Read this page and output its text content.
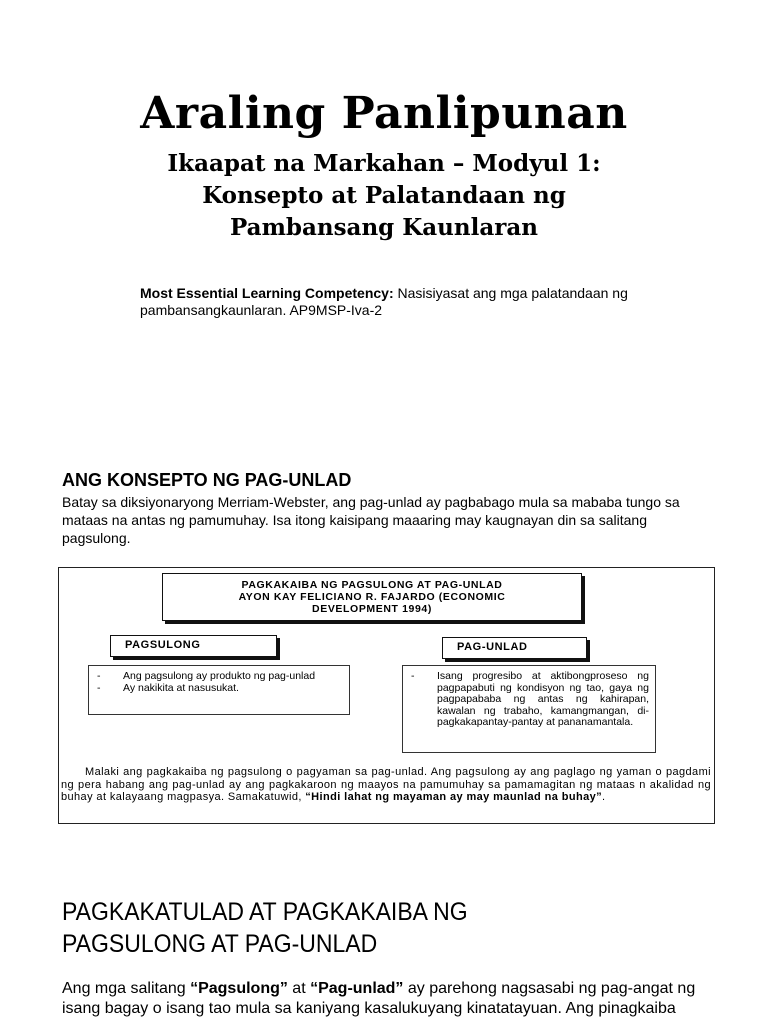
Araling Panlipunan
Ikaapat na Markahan – Modyul 1:
Konsepto at Palatandaan ng
Pambansang Kaunlaran
Most Essential Learning Competency: Nasisiyasat ang mga palatandaan ng pambansangkaunlaran. AP9MSP-Iva-2
ANG KONSEPTO NG PAG-UNLAD
Batay sa diksiyonaryong Merriam-Webster, ang pag-unlad ay pagbabago mula sa mababa tungo sa mataas na antas ng pamumuhay. Isa itong kaisipang maaaring may kaugnayan din sa salitang pagsulong.
PAGKAKAIBA NG PAGSULONG AT PAG-UNLAD
AYON KAY FELICIANO R. FAJARDO (ECONOMIC
DEVELOPMENT 1994)
PAGSULONG	PAG-UNLAD
-	Ang pagsulong ay produkto ng pag-unlad
-	Ay nakikita at nasusukat.
-	Isang progresibo at aktibongproseso ng pagpapabuti ng kondisyon ng tao, gaya ng pagpapababa ng antas ng kahirapan, kawalan ng trabaho, kamangmangan, di-pagkakapantay-pantay at pananamantala.
Malaki ang pagkakaiba ng pagsulong o pagyaman sa pag-unlad. Ang pagsulong ay ang paglago ng yaman o pagdami ng pera habang ang pag-unlad ay ang pagkakaroon ng maayos na pamumuhay sa pamamagitan ng mataas n akalidad ng buhay at kalayaang magpasya. Samakatuwid, “Hindi lahat ng mayaman ay may maunlad na buhay”.
PAGKAKATULAD AT PAGKAKAIBA NG
PAGSULONG AT PAG-UNLAD
Ang mga salitang “Pagsulong” at “Pag-unlad” ay parehong nagsasabi ng pag-angat ng isang bagay o isang tao mula sa kaniyang kasalukuyang kinatatayuan. Ang pinagkaiba
